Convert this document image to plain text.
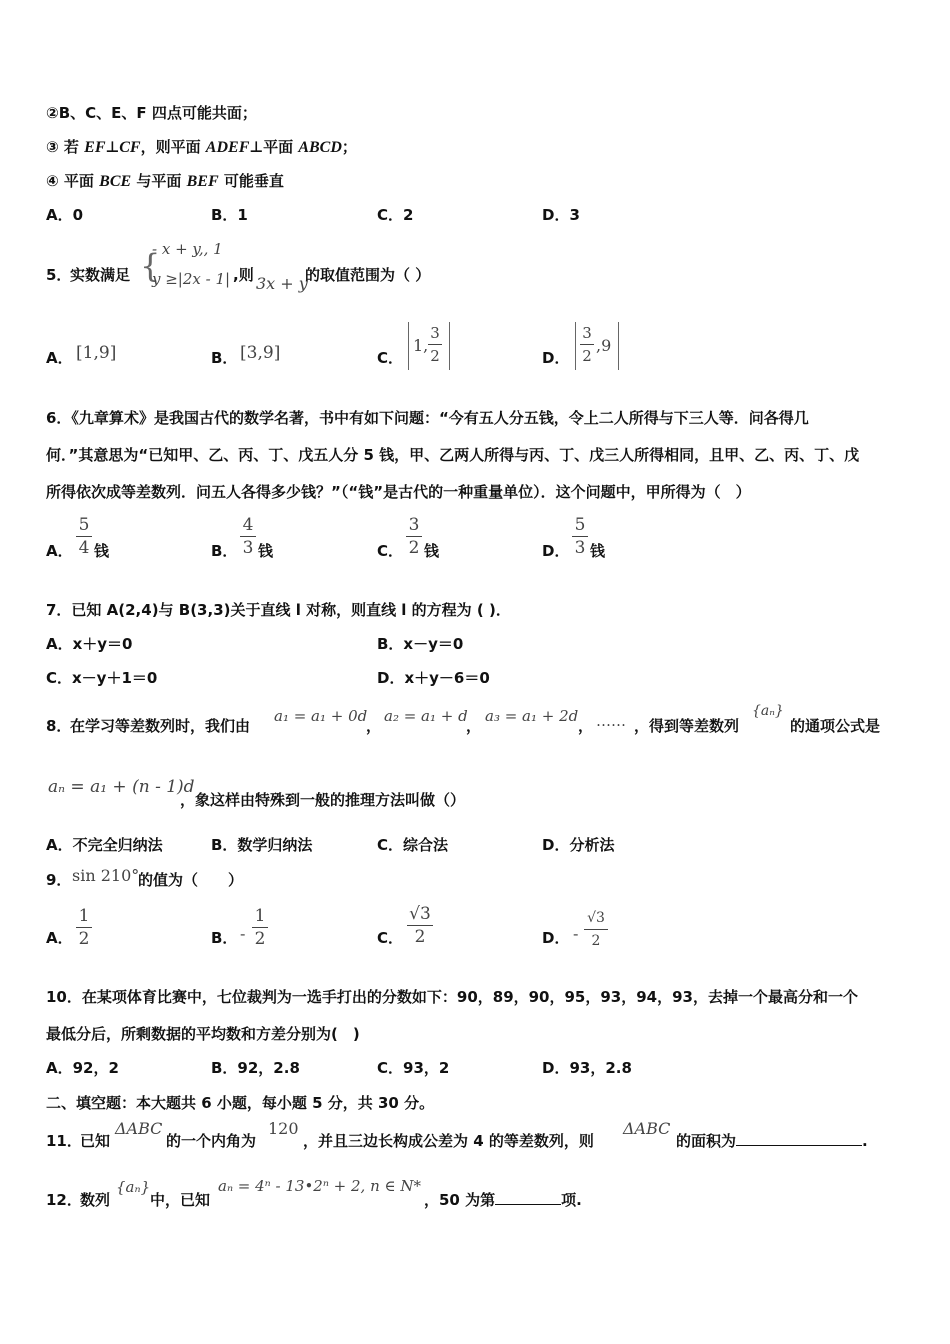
②B、C、E、F 四点可能共面；
③ 若 EF⊥CF，则平面 ADEF⊥平面 ABCD；
④ 平面 BCE 与平面 BEF 可能垂直
A．0	B．1	C．2	D．3
5．
实数满足 {
- x + y,, 1
y ≥|2x - 1| ,则 3x + y
的取值范围为（ ）
A． [1,9]	B． [3,9]	C．
1,
3
2	D．
3
2
,9
6．《九章算术》是我国古代的数学名著，书中有如下问题：“今有五人分五钱，令上二人所得与下三人等．问各得几
何．”其意思为“已知甲、乙、丙、丁、戊五人分 5 钱，甲、乙两人所得与丙、丁、戊三人所得相同，且甲、乙、丙、丁、戊
所得依次成等差数列．问五人各得多少钱？”（“钱”是古代的一种重量单位）．这个问题中，甲所得为（　）
A．
5
4 钱	B．
4
3 钱	C．
3
2 钱	D．
5
3 钱
7．已知 A(2,4)与 B(3,3)关于直线 l 对称，则直线 l 的方程为 ( )．
A．x＋y＝0	B．x－y＝0
C．x－y＋1＝0	D．x＋y－6＝0
8．
在学习等差数列时，我们由
a₁ = a₁ + 0d
，
a₂ = a₁ + d
，
a₃ = a₁ + 2d
， …… ，得到等差数列
{aₙ}
的通项公式是
aₙ = a₁ + (n - 1)d
，象这样由特殊到一般的推理方法叫做（）
A．不完全归纳法	B．数学归纳法	C．综合法	D．分析法
9． sin 210°
的值为（　　）
A．
1
2	B． -
1
2	C．
√3
2	D． -
√3
2
10．在某项体育比赛中，七位裁判为一选手打出的分数如下：90，89，90，95，93，94，93，去掉一个最高分和一个
最低分后，所剩数据的平均数和方差分别为(　)
A．92，2	B．92，2.8	C．93，2	D．93，2.8
二、填空题：本大题共 6 小题，每小题 5 分，共 30 分。
11．
已知
ΔABC
的一个内角为
120
，并且三边长构成公差为 4 的等差数列，则
ΔABC
的面积为	.
12．
数列
{aₙ}
中，已知
aₙ = 4ⁿ - 13•2ⁿ + 2, n ∈ N*
，50 为第	项.
